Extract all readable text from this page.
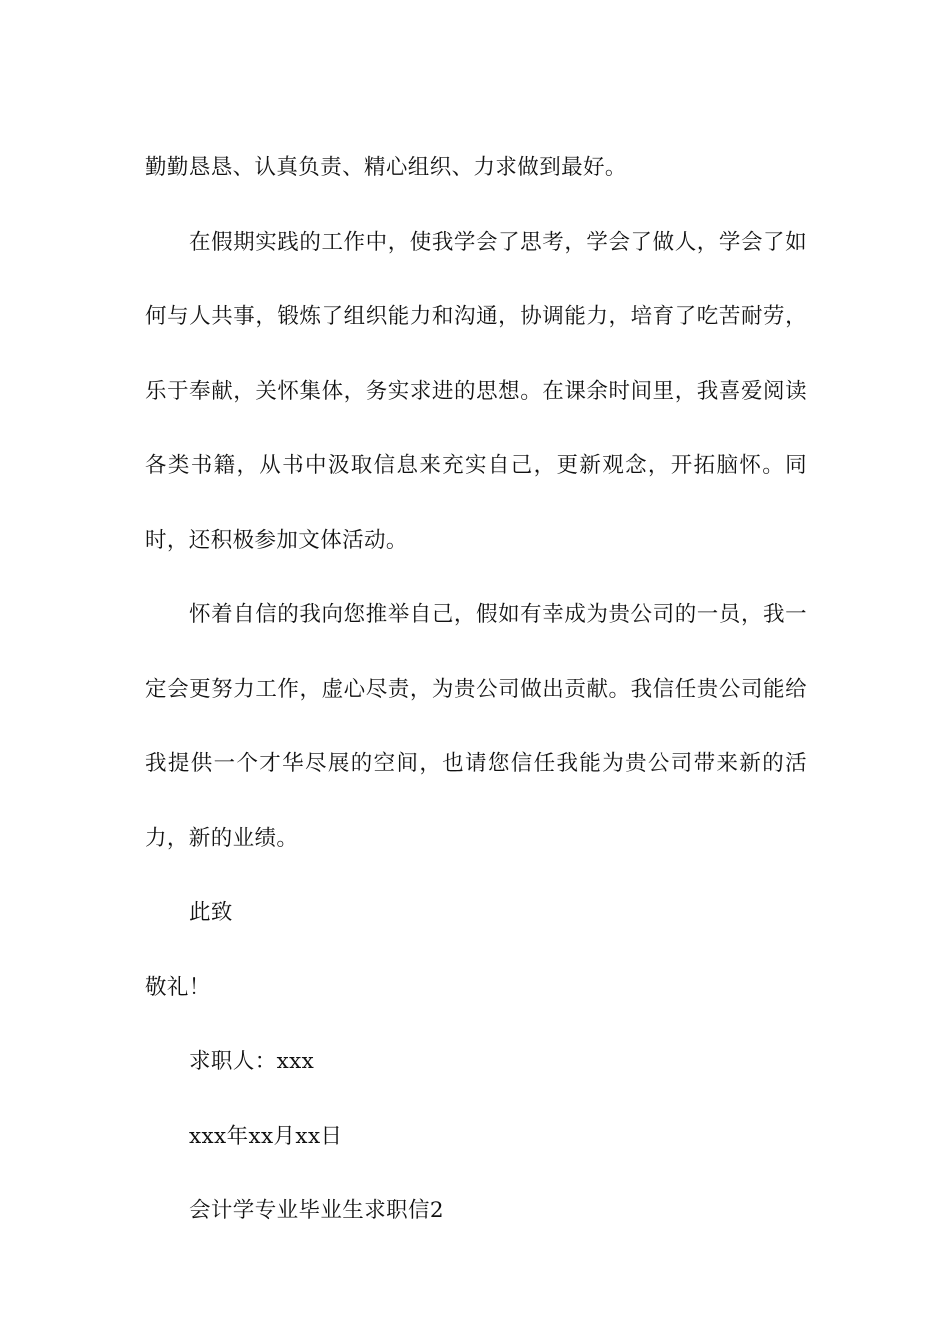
勤勤恳恳、认真负责、精心组织、力求做到最好。

在假期实践的工作中，使我学会了思考，学会了做人，学会了如何与人共事，锻炼了组织能力和沟通，协调能力，培育了吃苦耐劳，乐于奉献，关怀集体，务实求进的思想。在课余时间里，我喜爱阅读各类书籍，从书中汲取信息来充实自己，更新观念，开拓脑怀。同时，还积极参加文体活动。

怀着自信的我向您推举自己，假如有幸成为贵公司的一员，我一定会更努力工作，虚心尽责，为贵公司做出贡献。我信任贵公司能给我提供一个才华尽展的空间，也请您信任我能为贵公司带来新的活力，新的业绩。

此致

敬礼！

求职人：xxx

xxx年xx月xx日

会计学专业毕业生求职信2
